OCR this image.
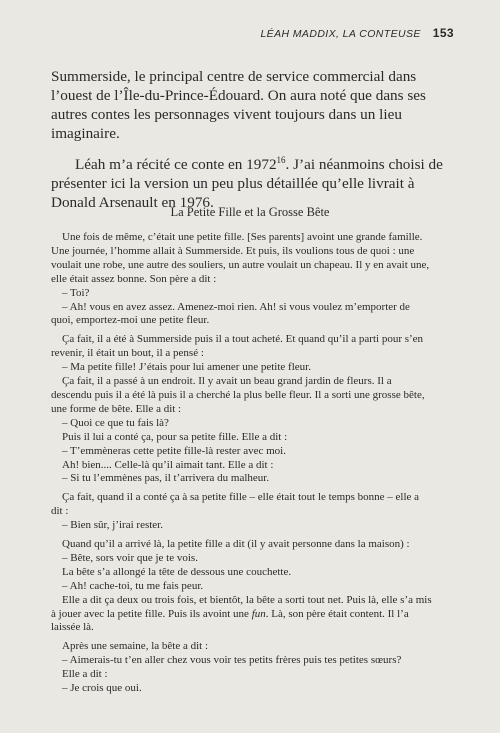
LÉAH MADDIX, LA CONTEUSE 153

Summerside, le principal centre de service commercial dans l’ouest de l’Île-du-Prince-Édouard. On aura noté que dans ses autres contes les personnages vivent toujours dans un lieu imaginaire.

Léah m’a récité ce conte en 1972$^{16}$. J’ai néanmoins choisi de présenter ici la version un peu plus détaillée qu’elle livrait à Donald Arsenault en 1976.

La Petite Fille et la Grosse Bête

Une fois de même, c’était une petite fille. [Ses parents] avoint une grande famille. Une journée, l’homme allait à Summerside. Et puis, ils voulions tous de quoi : une voulait une robe, une autre des souliers, un autre voulait un chapeau. Il y en avait une, elle était assez bonne. Son père a dit :

– Toi?

– Ah! vous en avez assez. Amenez-moi rien. Ah! si vous voulez m’emporter de quoi, emportez-moi une petite fleur.

Ça fait, il a été à Summerside puis il a tout acheté. Et quand qu’il a parti pour s’en revenir, il était un bout, il a pensé :

– Ma petite fille! J’étais pour lui amener une petite fleur.

Ça fait, il a passé à un endroit. Il y avait un beau grand jardin de fleurs. Il a descendu puis il a été là puis il a cherché la plus belle fleur. Il a sorti une grosse bête, une forme de bête. Elle a dit :

– Quoi ce que tu fais là?

Puis il lui a conté ça, pour sa petite fille. Elle a dit :

– T’emmèneras cette petite fille-là rester avec moi.

Ah! bien.... Celle-là qu’il aimait tant. Elle a dit :

– Si tu l’emmènes pas, il t’arrivera du malheur.

Ça fait, quand il a conté ça à sa petite fille – elle était tout le temps bonne – elle a dit :

– Bien sûr, j’irai rester.

Quand qu’il a arrivé là, la petite fille a dit (il y avait personne dans la maison) :

– Bête, sors voir que je te vois.

La bête s’a allongé la tête de dessous une couchette.

– Ah! cache-toi, tu me fais peur.

Elle a dit ça deux ou trois fois, et bientôt, la bête a sorti tout net. Puis là, elle s’a mis à jouer avec la petite fille. Puis ils avoint une fun. Là, son père était content. Il l’a laissée là.

Après une semaine, la bête a dit :

– Aimerais-tu t’en aller chez vous voir tes petits frères puis tes petites sœurs?

Elle a dit :

– Je crois que oui.
